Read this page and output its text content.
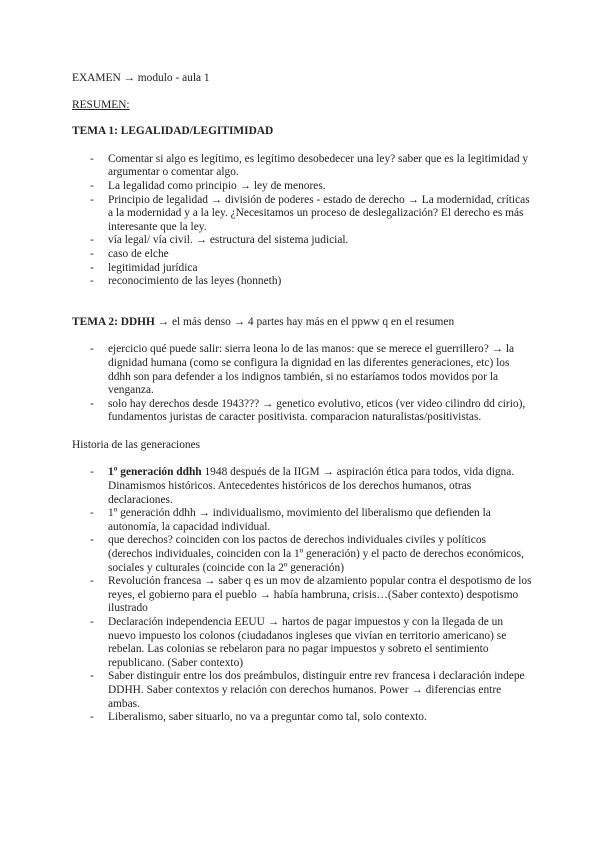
EXAMEN → modulo - aula 1

RESUMEN:

TEMA 1: LEGALIDAD/LEGITIMIDAD

- Comentar si algo es legítimo, es legítimo desobedecer una ley? saber que es la legitimidad y argumentar o comentar algo.
- La legalidad como principio → ley de menores.
- Principio de legalidad → división de poderes - estado de derecho → La modernidad, críticas a la modernidad y a la ley. ¿Necesitamos un proceso de deslegalización? El derecho es más interesante que la ley.
- vía legal/ vía civil. → estructura del sistema judicial.
- caso de elche
- legitimidad jurídica
- reconocimiento de las leyes (honneth)

TEMA 2: DDHH → el más denso → 4 partes hay más en el ppww q en el resumen

- ejercicio qué puede salir: sierra leona lo de las manos: que se merece el guerrillero? → la dignidad humana (como se configura la dignidad en las diferentes generaciones, etc) los ddhh son para defender a los indignos también, si no estaríamos todos movidos por la venganza.
- solo hay derechos desde 1943??? → genetico evolutivo, eticos (ver video cilindro dd cirio), fundamentos juristas de caracter positivista. comparacion naturalistas/positivistas.

Historia de las generaciones

- 1º generación ddhh 1948 después de la IIGM → aspiración ética para todos, vida digna. Dinamismos históricos. Antecedentes históricos de los derechos humanos, otras declaraciones.
- 1º generación ddhh → individualismo, movimiento del liberalismo que defienden la autonomía, la capacidad individual.
- que derechos? coinciden con los pactos de derechos individuales civiles y políticos (derechos individuales, coinciden con la 1º generación) y el pacto de derechos económicos, sociales y culturales (coincide con la 2º generación)
- Revolución francesa → saber q es un mov de alzamiento popular contra el despotismo de los reyes, el gobierno para el pueblo → había hambruna, crisis…(Saber contexto) despotismo ilustrado
- Declaración independencia EEUU → hartos de pagar impuestos y con la llegada de un nuevo impuesto los colonos (ciudadanos ingleses que vivían en territorio americano) se rebelan. Las colonias se rebelaron para no pagar impuestos y sobreto el sentimiento republicano. (Saber contexto)
- Saber distinguir entre los dos preámbulos, distinguir entre rev francesa i declaración indepe DDHH. Saber contextos y relación con derechos humanos. Power → diferencias entre ambas.
- Liberalismo, saber situarlo, no va a preguntar como tal, solo contexto.
